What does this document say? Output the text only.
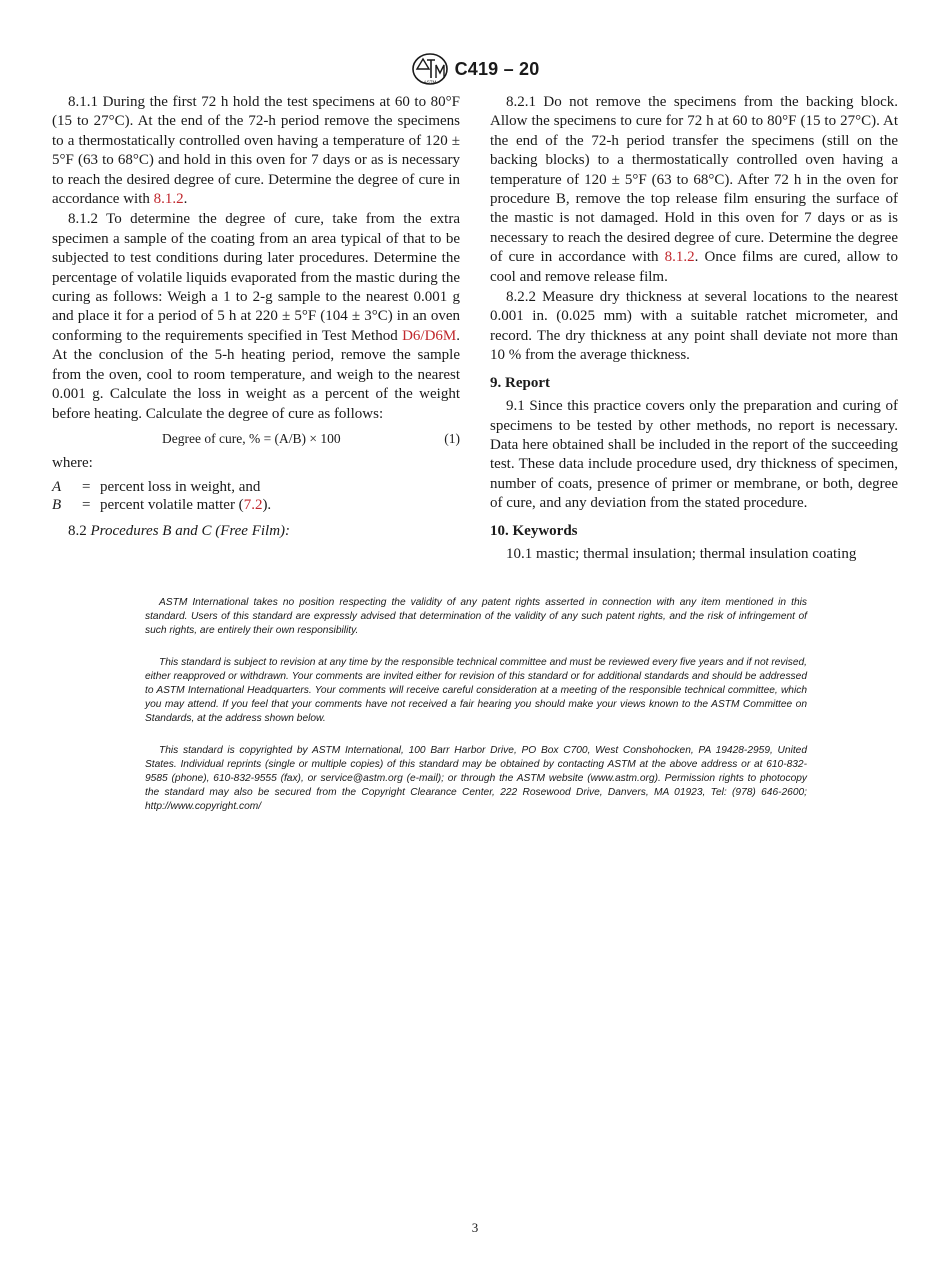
ASTM
C419 – 20

8.1.1 During the first 72 h hold the test specimens at 60 to 80°F (15 to 27°C). At the end of the 72-h period remove the specimens to a thermostatically controlled oven having a temperature of 120 ± 5°F (63 to 68°C) and hold in this oven for 7 days or as is necessary to reach the desired degree of cure. Determine the degree of cure in accordance with 8.1.2.

8.1.2 To determine the degree of cure, take from the extra specimen a sample of the coating from an area typical of that to be subjected to test conditions during later procedures. Determine the percentage of volatile liquids evaporated from the mastic during the curing as follows: Weigh a 1 to 2-g sample to the nearest 0.001 g and place it for a period of 5 h at 220 ± 5°F (104 ± 3°C) in an oven conforming to the requirements specified in Test Method D6/D6M. At the conclusion of the 5-h heating period, remove the sample from the oven, cool to room temperature, and weigh to the nearest 0.001 g. Calculate the loss in weight as a percent of the weight before heating. Calculate the degree of cure as follows:

Degree of cure, % = (A/B) × 100	(1)

where:

A	= percent loss in weight, and
B	= percent volatile matter (7.2).

8.2 Procedures B and C (Free Film):

8.2.1 Do not remove the specimens from the backing block. Allow the specimens to cure for 72 h at 60 to 80°F (15 to 27°C). At the end of the 72-h period transfer the specimens (still on the backing blocks) to a thermostatically controlled oven having a temperature of 120 ± 5°F (63 to 68°C). After 72 h in the oven for procedure B, remove the top release film ensuring the surface of the mastic is not damaged. Hold in this oven for 7 days or as is necessary to reach the desired degree of cure. Determine the degree of cure in accordance with 8.1.2. Once films are cured, allow to cool and remove release film.

8.2.2 Measure dry thickness at several locations to the nearest 0.001 in. (0.025 mm) with a suitable ratchet micrometer, and record. The dry thickness at any point shall deviate not more than 10 % from the average thickness.

9. Report

9.1 Since this practice covers only the preparation and curing of specimens to be tested by other methods, no report is necessary. Data here obtained shall be included in the report of the succeeding test. These data include procedure used, dry thickness of specimen, number of coats, presence of primer or membrane, or both, degree of cure, and any deviation from the stated procedure.

10. Keywords

10.1 mastic; thermal insulation; thermal insulation coating

ASTM International takes no position respecting the validity of any patent rights asserted in connection with any item mentioned in this standard. Users of this standard are expressly advised that determination of the validity of any such patent rights, and the risk of infringement of such rights, are entirely their own responsibility.

This standard is subject to revision at any time by the responsible technical committee and must be reviewed every five years and if not revised, either reapproved or withdrawn. Your comments are invited either for revision of this standard or for additional standards and should be addressed to ASTM International Headquarters. Your comments will receive careful consideration at a meeting of the responsible technical committee, which you may attend. If you feel that your comments have not received a fair hearing you should make your views known to the ASTM Committee on Standards, at the address shown below.

This standard is copyrighted by ASTM International, 100 Barr Harbor Drive, PO Box C700, West Conshohocken, PA 19428-2959, United States. Individual reprints (single or multiple copies) of this standard may be obtained by contacting ASTM at the above address or at 610-832-9585 (phone), 610-832-9555 (fax), or service@astm.org (e-mail); or through the ASTM website (www.astm.org). Permission rights to photocopy the standard may also be secured from the Copyright Clearance Center, 222 Rosewood Drive, Danvers, MA 01923, Tel: (978) 646-2600; http://www.copyright.com/

3
